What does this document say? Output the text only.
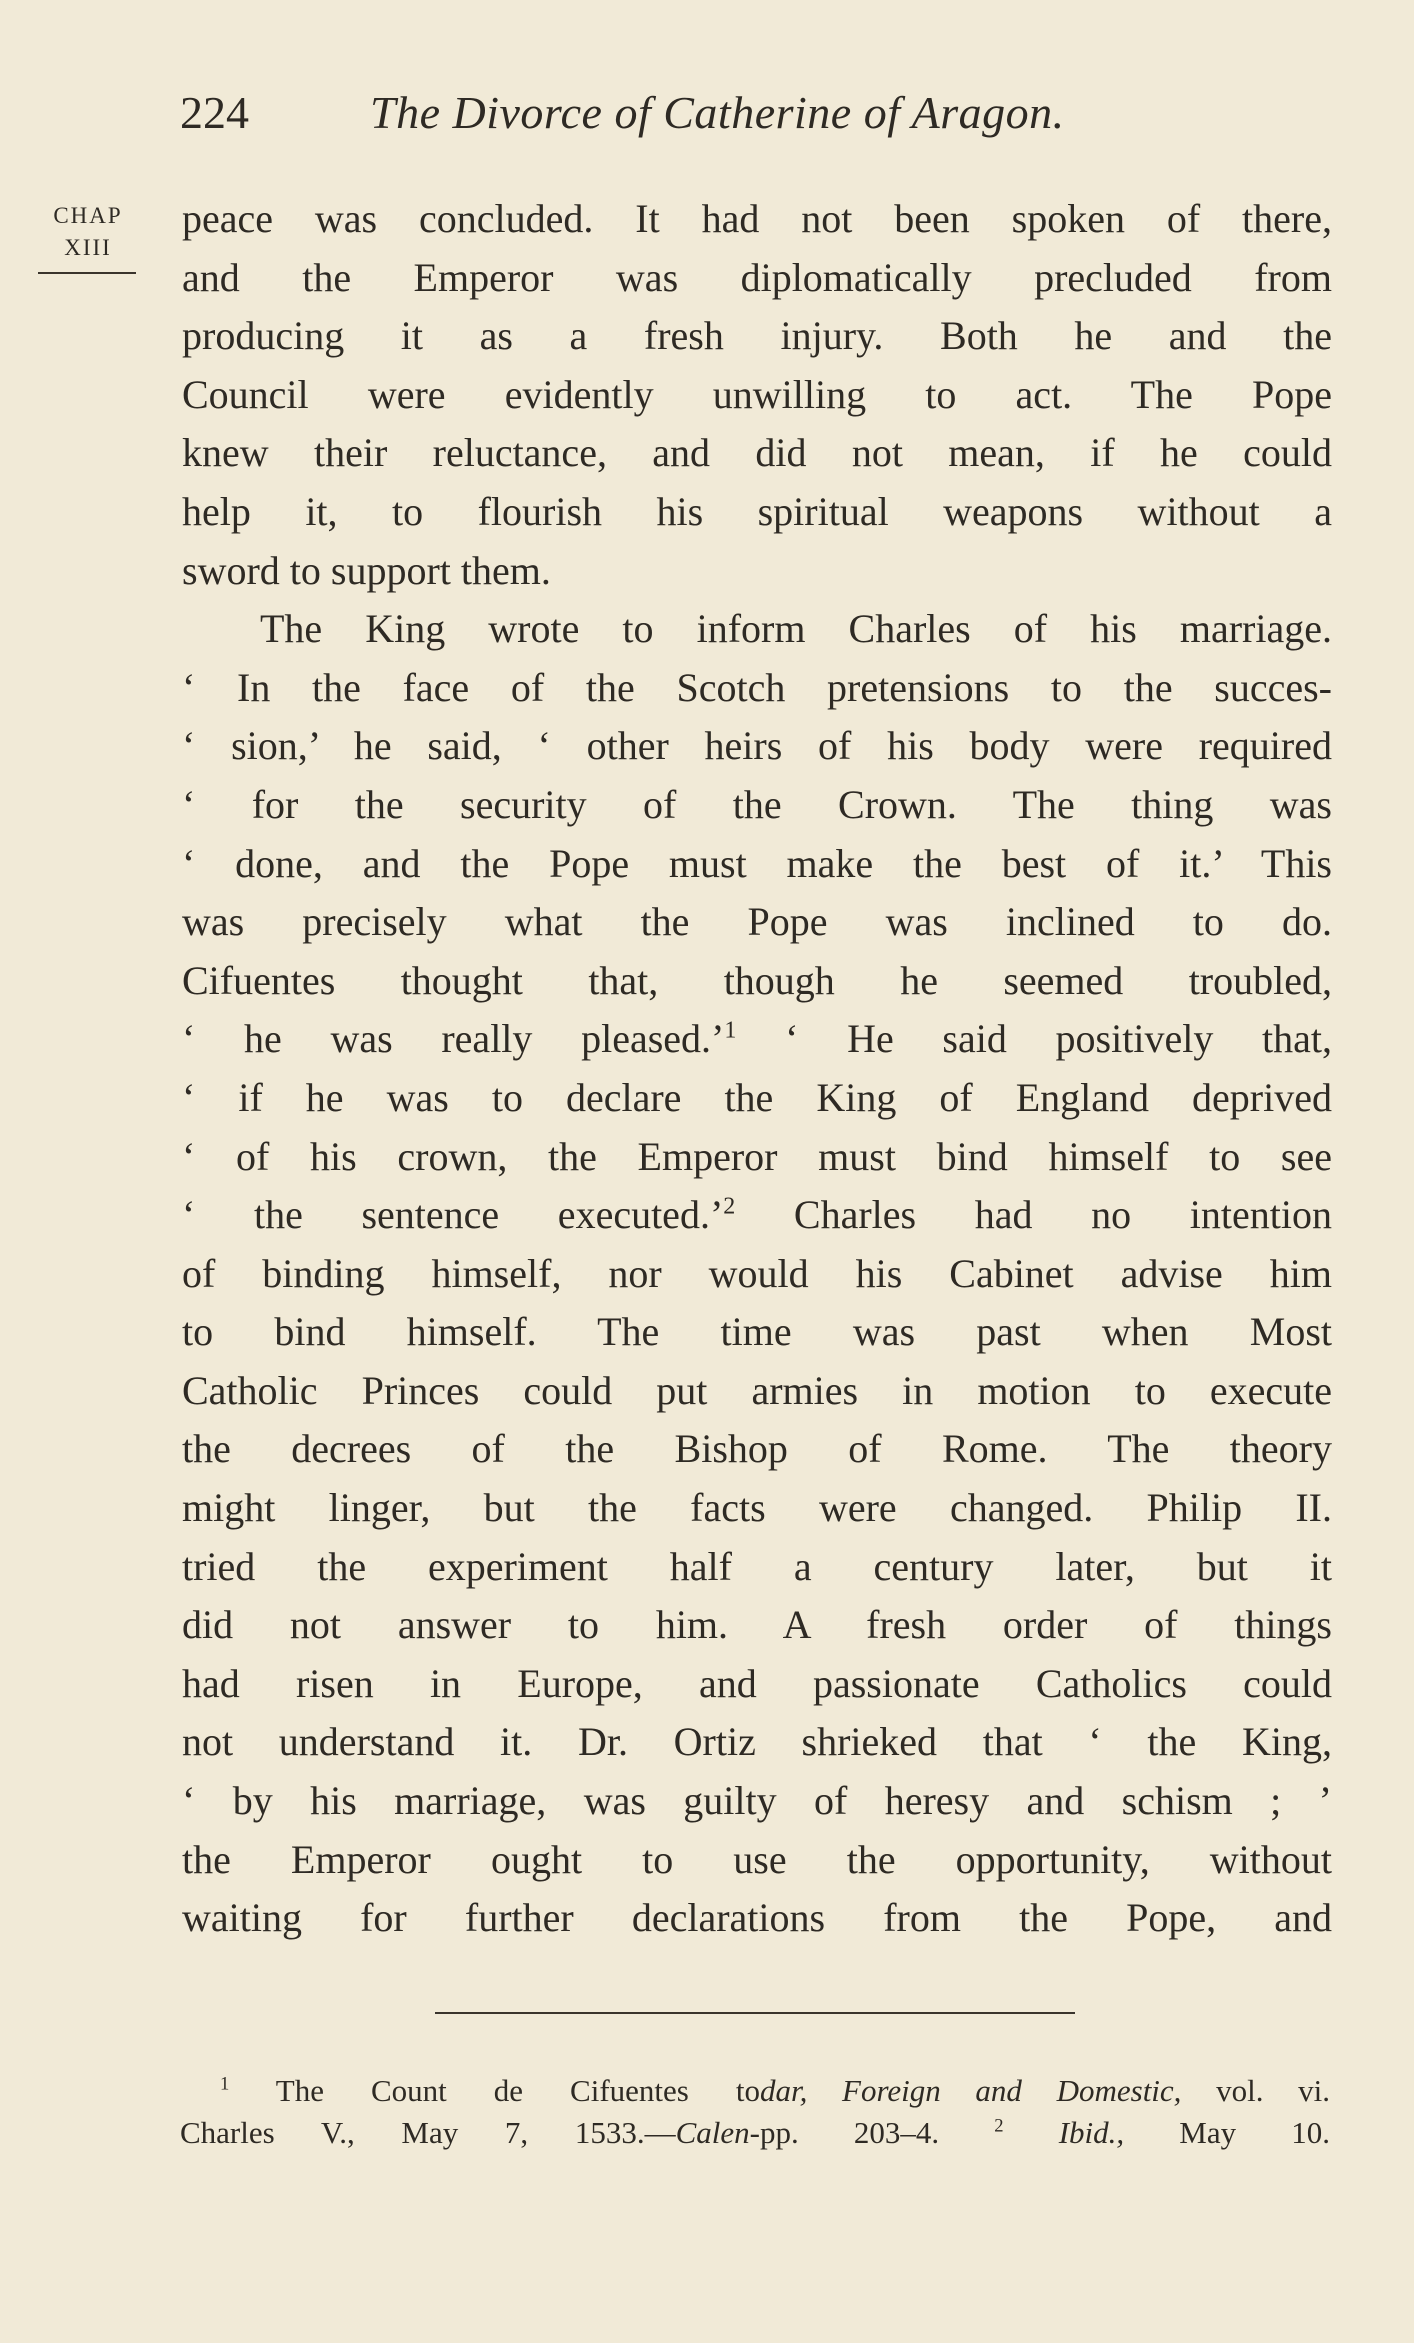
224	The Divorce of Catherine of Aragon.
CHAP
XIII
peace was concluded. It had not been spoken of there,
and the Emperor was diplomatically precluded from
producing it as a fresh injury. Both he and the
Council were evidently unwilling to act. The Pope
knew their reluctance, and did not mean, if he could
help it, to flourish his spiritual weapons without a
sword to support them.
The King wrote to inform Charles of his marriage.
‘ In the face of the Scotch pretensions to the succes-
‘ sion,’ he said, ‘ other heirs of his body were required
‘ for the security of the Crown. The thing was
‘ done, and the Pope must make the best of it.’ This
was precisely what the Pope was inclined to do.
Cifuentes thought that, though he seemed troubled,
‘ he was really pleased.’$^1$ ‘ He said positively that,
‘ if he was to declare the King of England deprived
‘ of his crown, the Emperor must bind himself to see
‘ the sentence executed.’$^2$ Charles had no intention
of binding himself, nor would his Cabinet advise him
to bind himself. The time was past when Most
Catholic Princes could put armies in motion to execute
the decrees of the Bishop of Rome. The theory
might linger, but the facts were changed. Philip II.
tried the experiment half a century later, but it
did not answer to him. A fresh order of things
had risen in Europe, and passionate Catholics could
not understand it. Dr. Ortiz shrieked that ‘ the King,
‘ by his marriage, was guilty of heresy and schism ; ’
the Emperor ought to use the opportunity, without
waiting for further declarations from the Pope, and
$^1$ The Count de Cifuentes to
Charles V., May 7, 1533.—Calen-
dar, Foreign and Domestic, vol. vi.
pp. 203–4.	$^2$ Ibid., May 10.
